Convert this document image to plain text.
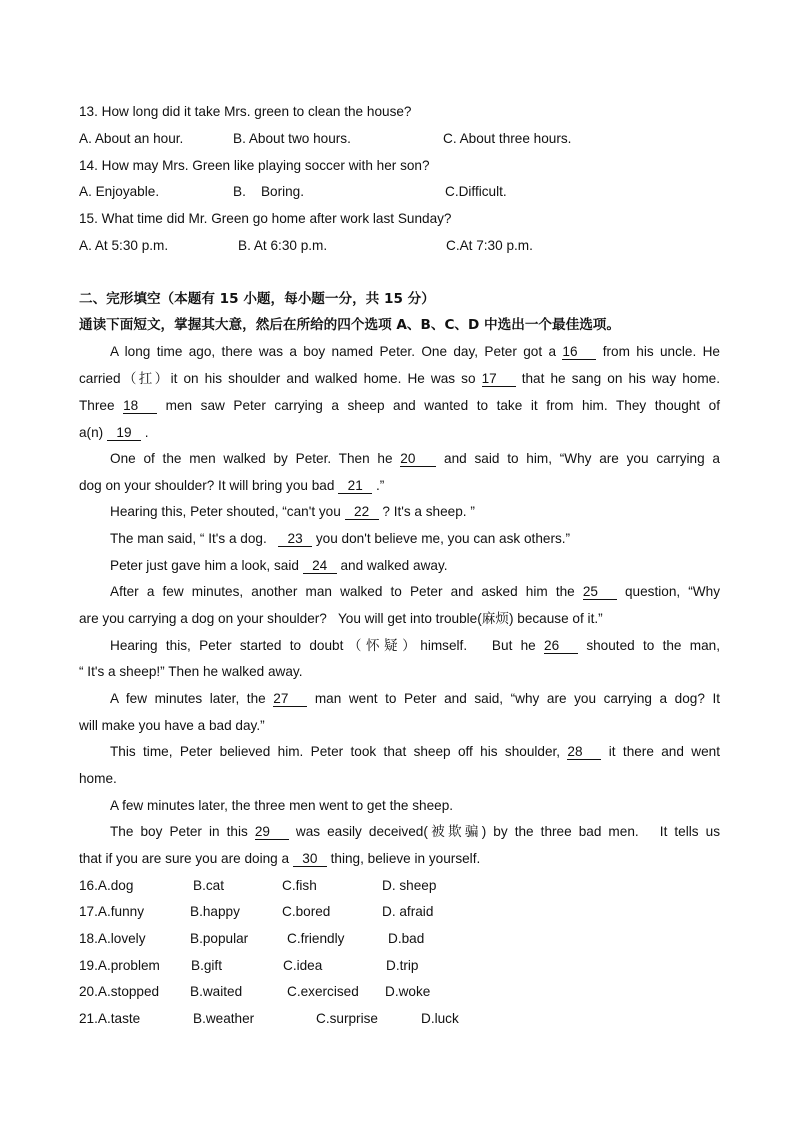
13. How long did it take Mrs. green to clean the house?
A. About an hour.	B. About two hours.	C. About three hours.
14. How may Mrs. Green like playing soccer with her son?
A. Enjoyable.	B.    Boring.	C.Difficult.
15. What time did Mr. Green go home after work last Sunday?
A. At 5:30 p.m.	B. At 6:30 p.m.	C.At 7:30 p.m.
二、完形填空（本题有 15 小题，每小题一分，共 15 分）
通读下面短文，掌握其大意，然后在所给的四个选项 A、B、C、D 中选出一个最佳选项。
A long time ago, there was a boy named Peter. One day, Peter got a 16 from his uncle. He
carried（扛）it on his shoulder and walked home. He was so 17 that he sang on his way home.
Three 18 men saw Peter carrying a sheep and wanted to take it from him. They thought of
a(n) 19 .
One of the men walked by Peter. Then he 20 and said to him, “Why are you carrying a
dog on your shoulder? It will bring you bad 21 .”
Hearing this, Peter shouted, “can't you 22 ? It's a sheep. ”
The man said, “ It's a dog.   23 you don't believe me, you can ask others.”
Peter just gave him a look, said 24 and walked away.
After a few minutes, another man walked to Peter and asked him the 25 question, “Why
are you carrying a dog on your shoulder?   You will get into trouble(麻烦) because of it.”
Hearing this, Peter started to doubt（怀疑）himself.   But he 26 shouted to the man,
“ It's a sheep!” Then he walked away.
A few minutes later, the 27 man went to Peter and said, “why are you carrying a dog? It
will make you have a bad day.”
This time, Peter believed him. Peter took that sheep off his shoulder, 28 it there and went
home.
A few minutes later, the three men went to get the sheep.
The boy Peter in this 29 was easily deceived(被欺骗) by the three bad men.   It tells us
that if you are sure you are doing a 30 thing, believe in yourself.
16.A.dog	B.cat	C.fish	D. sheep
17.A.funny	B.happy	C.bored	D. afraid
18.A.lovely	B.popular	C.friendly	D.bad
19.A.problem B.gift	C.idea	D.trip
20.A.stopped B.waited	C.exercised D.woke
21.A.taste	B.weather	C.surprise	D.luck
